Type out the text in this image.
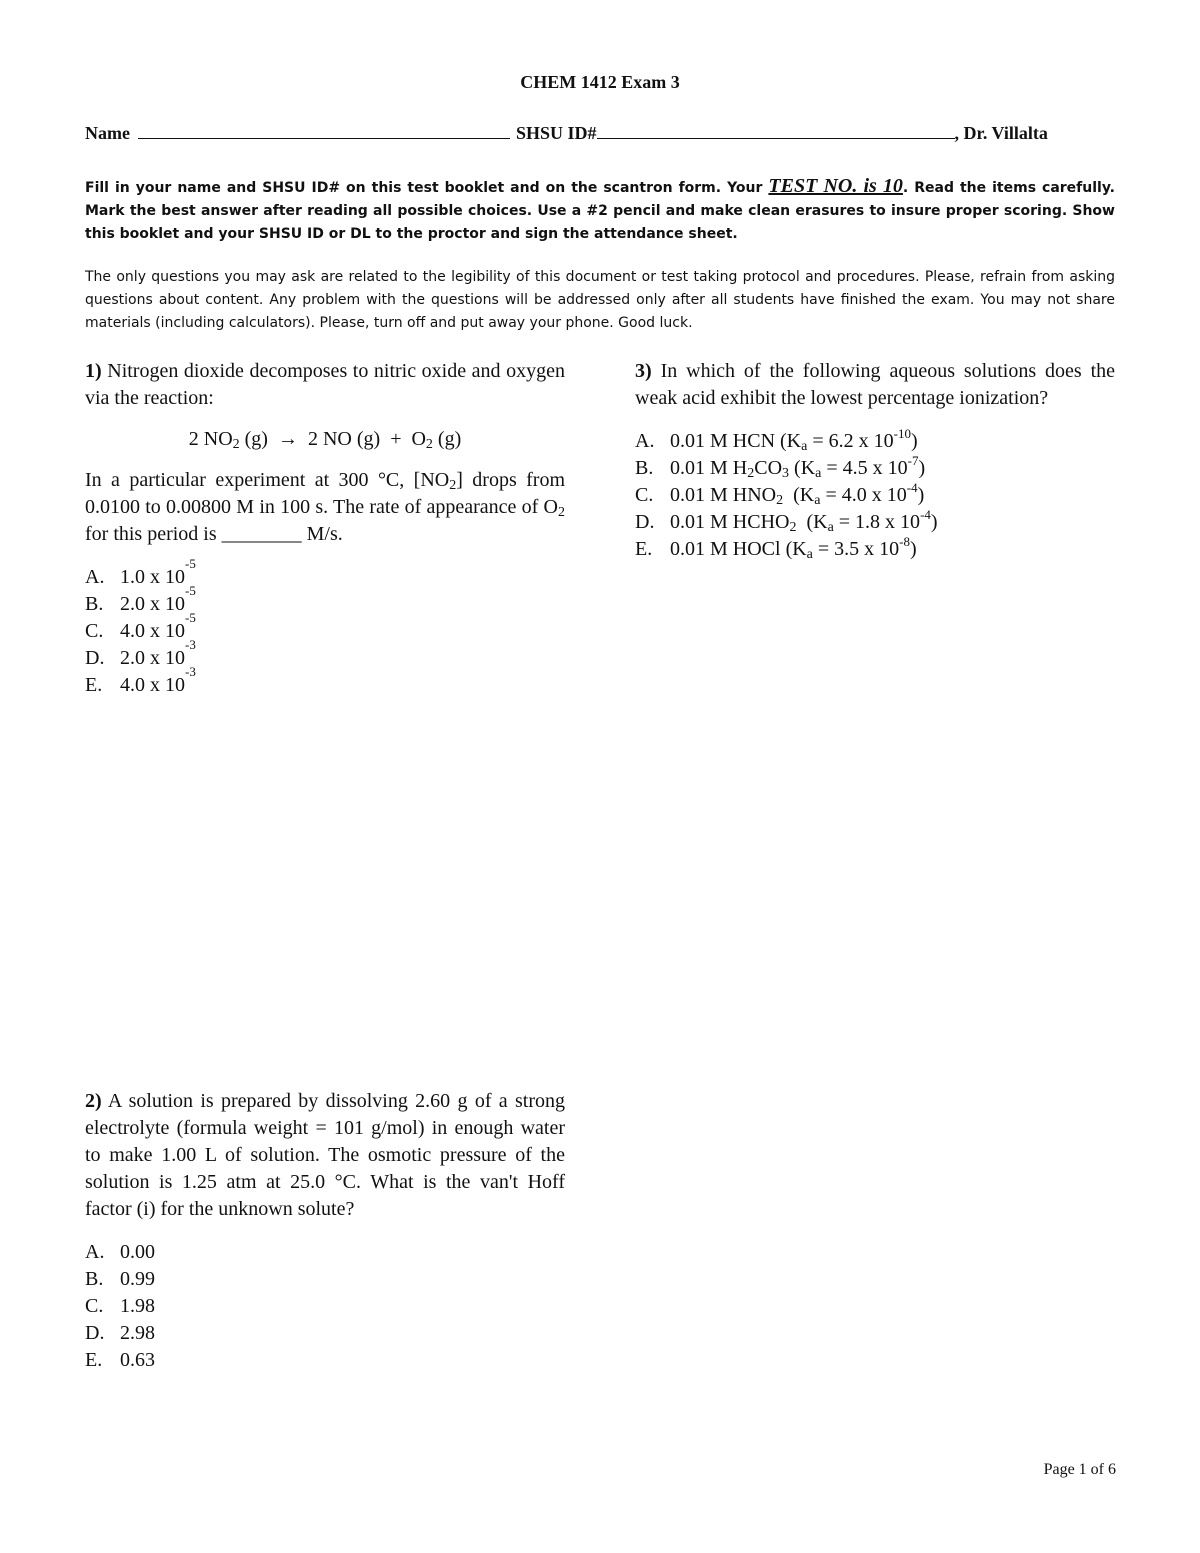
CHEM 1412 Exam 3
Name	SHSU ID#	, Dr. Villalta
Fill in your name and SHSU ID# on this test booklet and on the scantron form. Your TEST NO. is 10. Read the items carefully. Mark the best answer after reading all possible choices. Use a #2 pencil and make clean erasures to insure proper scoring. Show this booklet and your SHSU ID or DL to the proctor and sign the attendance sheet.
The only questions you may ask are related to the legibility of this document or test taking protocol and procedures. Please, refrain from asking questions about content. Any problem with the questions will be addressed only after all students have finished the exam. You may not share materials (including calculators). Please, turn off and put away your phone. Good luck.

1) Nitrogen dioxide decomposes to nitric oxide and oxygen via the reaction:

2 $NO_2$ (g) → 2 NO $(g) + O_2$ (g)

In a particular experiment at 300 °C, $[NO_2]$ drops from 0.0100 to 0.00800 M in 100 s. The rate of appearance of $O_2$ for this period is ________ M/s.

A. 1.0 x 10
-5
B. 2.0 x 10
-5
C. 4.0 x 10
-5
D. 2.0 x 10
-3
E. 4.0 x 10
-3

2) A solution is prepared by dissolving 2.60 g of a strong electrolyte (formula weight = 101 g/mol) in enough water to make 1.00 L of solution. The osmotic pressure of the solution is 1.25 atm at 25.0 °C. What is the van't Hoff factor (i) for the unknown solute?

A. 0.00
B. 0.99
C. 1.98
D. 2.98
E. 0.63

3) In which of the following aqueous solutions does the weak acid exhibit the lowest percentage ionization?

A. 0.01 M HCN ($K_a = 6.2$ x $10^{-10}$)
B. 0.01 M $H_2CO_3$ ($K_a = 4.5$ x $10^{-7}$)
C. 0.01 M $HNO_2$  ($K_a = 4.0$ x $10^{-4}$)
D. 0.01 M $HCHO_2$  ($K_a = 1.8$ x $10^{-4}$)
E. 0.01 M HOCl ($K_a = 3.5$ x $10^{-8}$)
Page 1 of 6
